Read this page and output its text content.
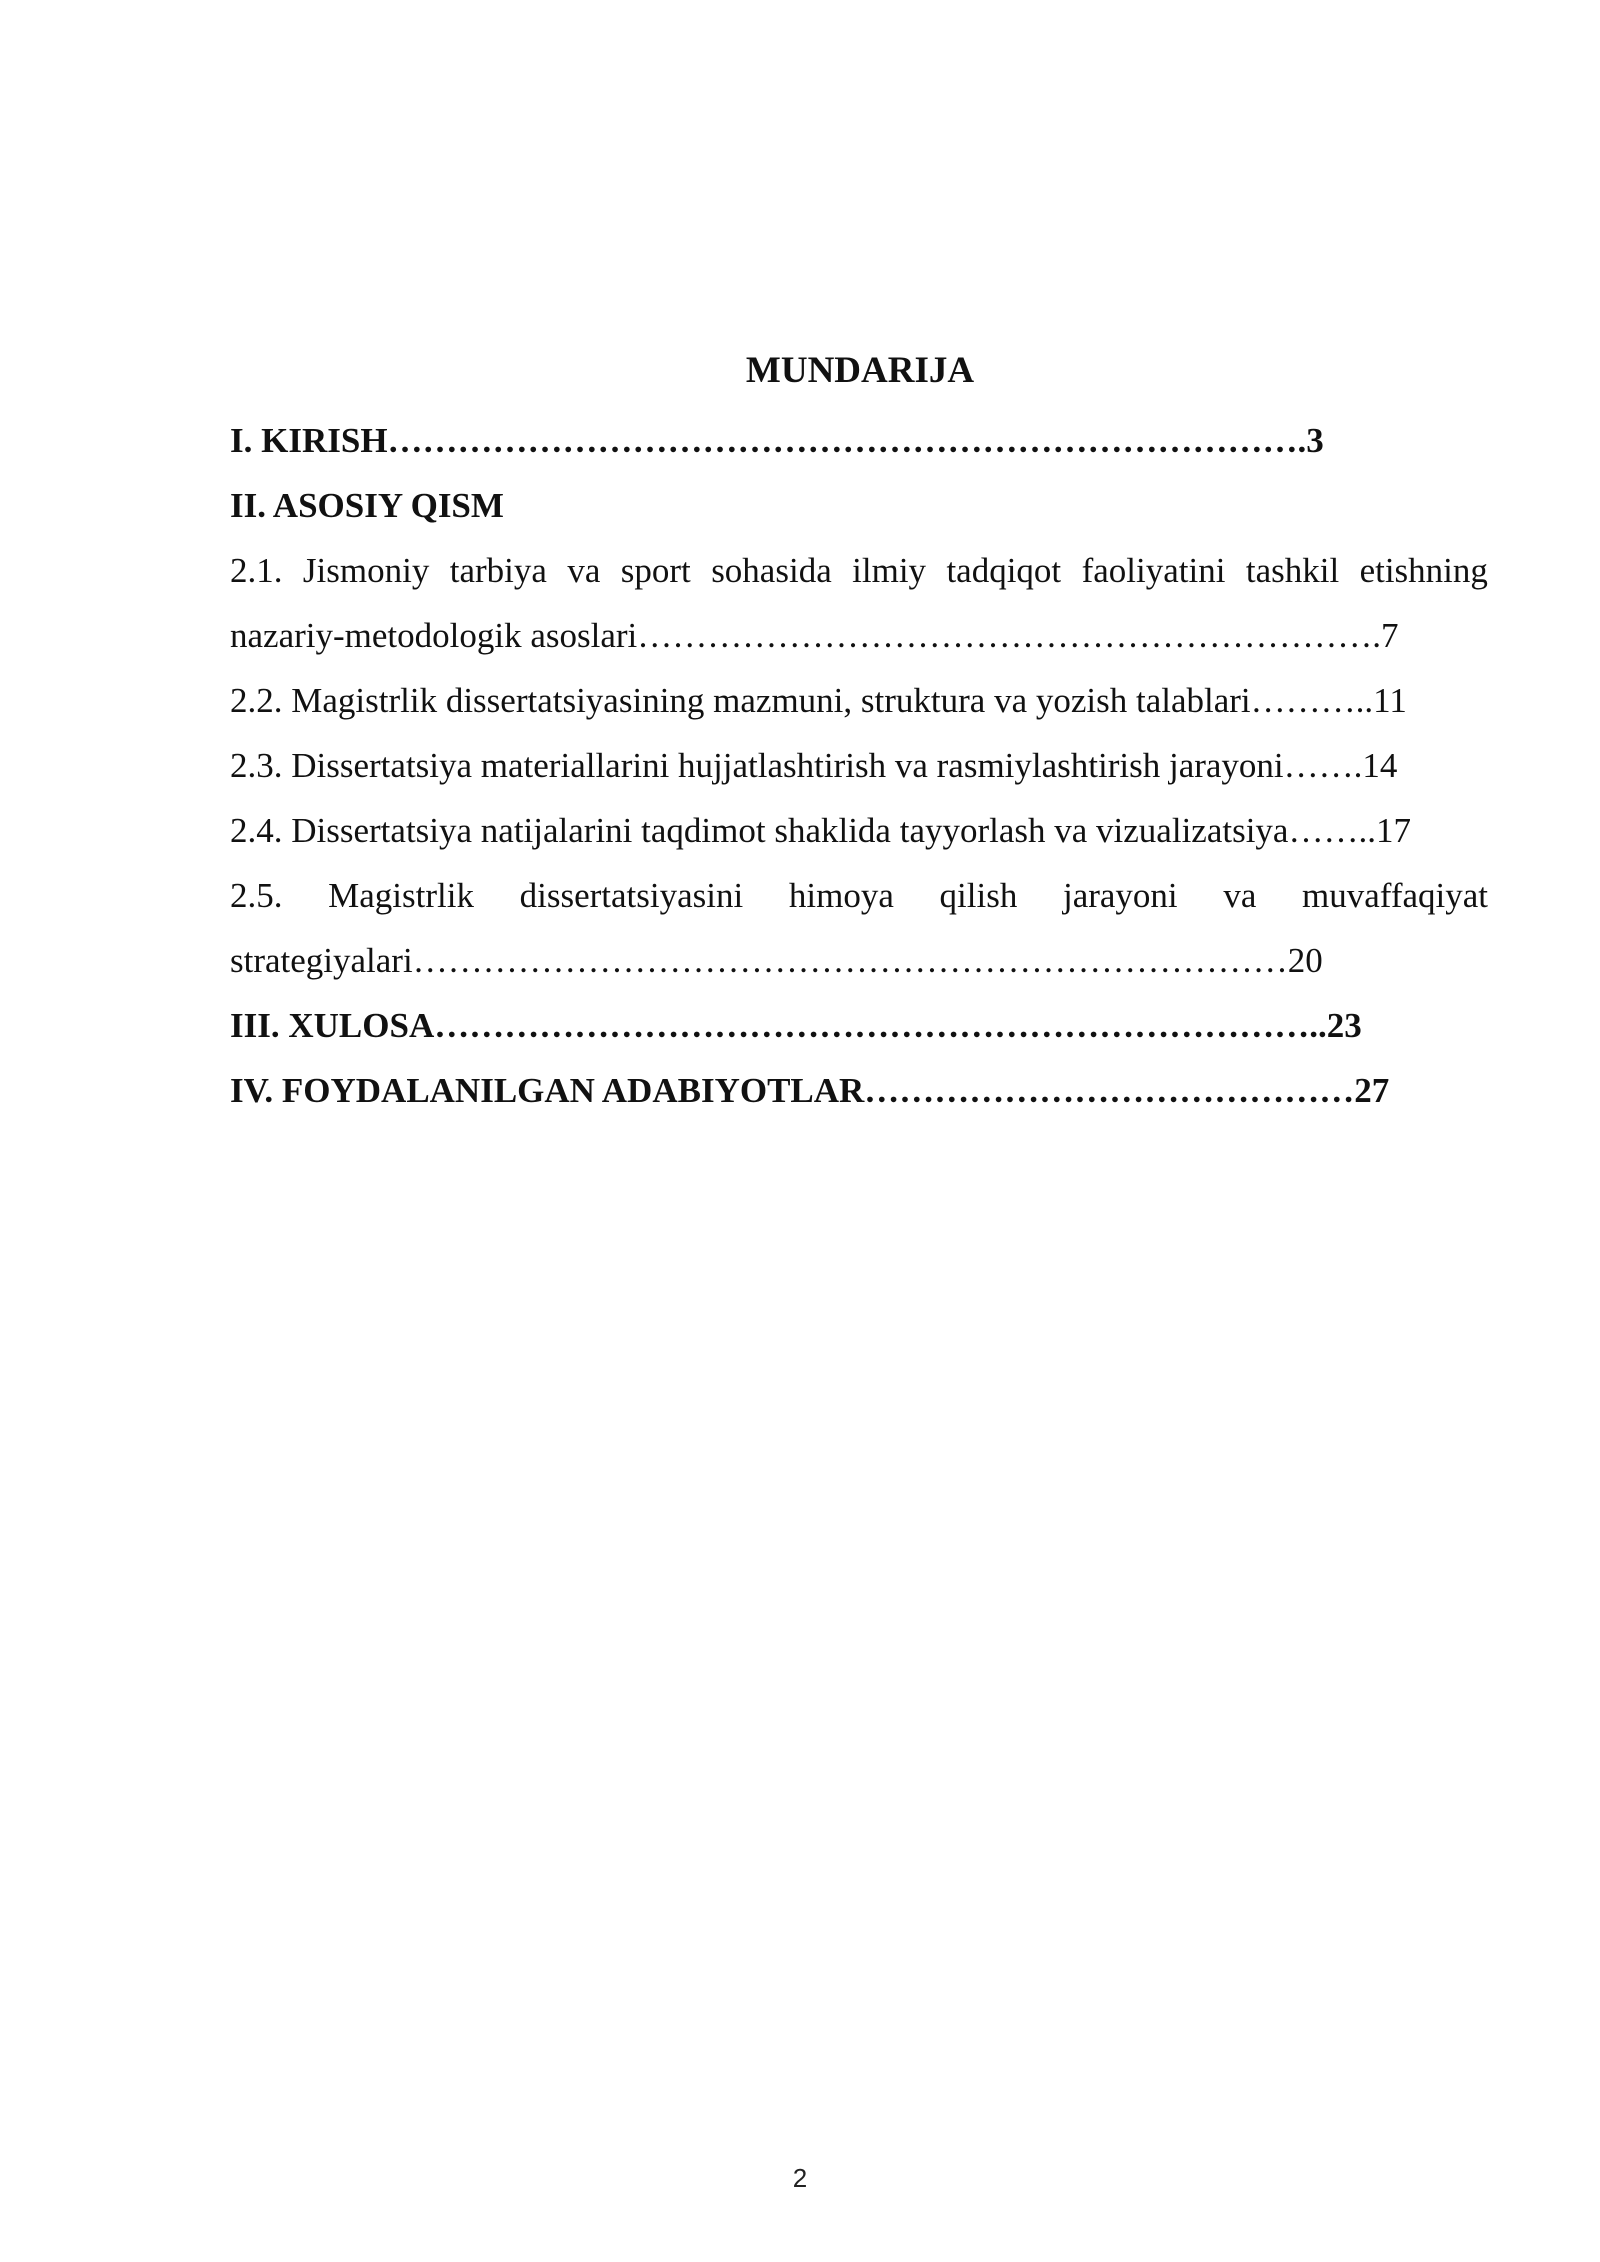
MUNDARIJA
I. KIRISH…………………………………………………………………….3
II. ASOSIY QISM
2.1. Jismoniy tarbiya va sport sohasida ilmiy tadqiqot faoliyatini tashkil etishning
nazariy-metodologik asoslari……………………………………………………….7
2.2. Magistrlik dissertatsiyasining mazmuni, struktura va yozish talablari………..11
2.3. Dissertatsiya materiallarini hujjatlashtirish va rasmiylashtirish jarayoni…….14
2.4. Dissertatsiya natijalarini taqdimot shaklida tayyorlash va vizualizatsiya……..17
2.5. Magistrlik dissertatsiyasini himoya qilish jarayoni va muvaffaqiyat
strategiyalari…………………………………………………………………20
III. XULOSA…………………………………………………………………..23
IV. FOYDALANILGAN ADABIYOTLAR……………………………………27
2
